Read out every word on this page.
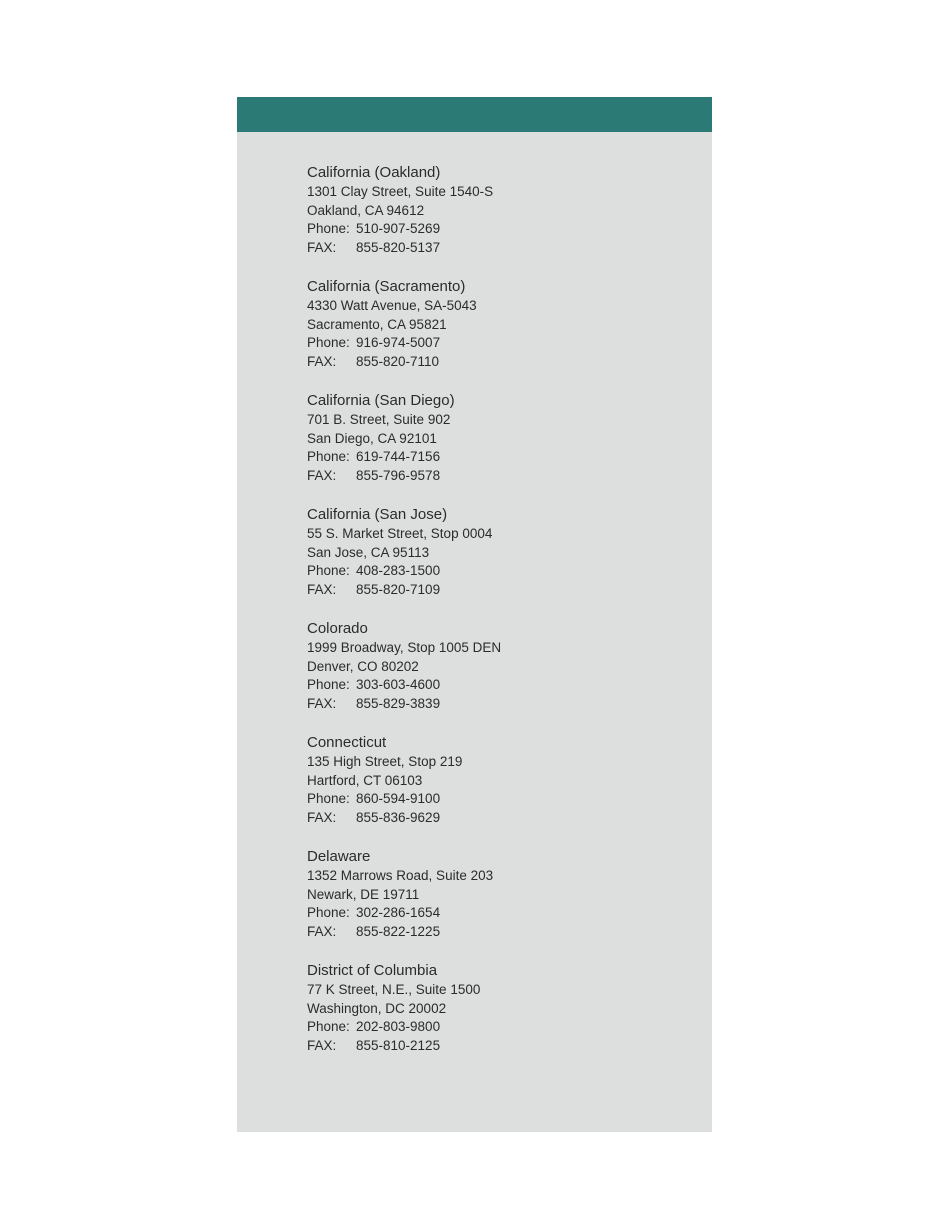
California (Oakland)
1301 Clay Street, Suite 1540-S
Oakland, CA 94612
Phone: 510-907-5269
FAX: 855-820-5137
California (Sacramento)
4330 Watt Avenue, SA-5043
Sacramento, CA 95821
Phone: 916-974-5007
FAX: 855-820-7110
California (San Diego)
701 B. Street, Suite 902
San Diego, CA 92101
Phone: 619-744-7156
FAX: 855-796-9578
California (San Jose)
55 S. Market Street, Stop 0004
San Jose, CA 95113
Phone: 408-283-1500
FAX: 855-820-7109
Colorado
1999 Broadway, Stop 1005 DEN
Denver, CO 80202
Phone: 303-603-4600
FAX: 855-829-3839
Connecticut
135 High Street, Stop 219
Hartford, CT 06103
Phone: 860-594-9100
FAX: 855-836-9629
Delaware
1352 Marrows Road, Suite 203
Newark, DE 19711
Phone: 302-286-1654
FAX: 855-822-1225
District of Columbia
77 K Street, N.E., Suite 1500
Washington, DC 20002
Phone: 202-803-9800
FAX: 855-810-2125
